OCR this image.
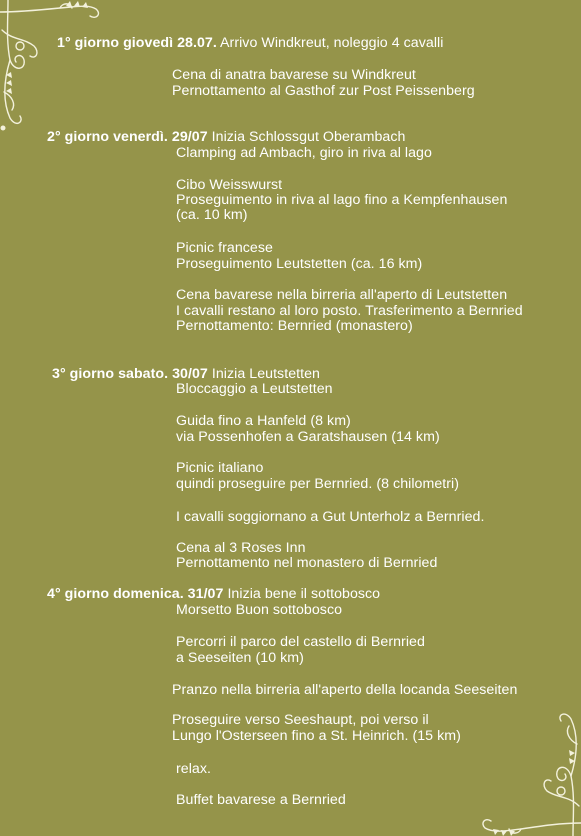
1° giorno giovedì 28.07. Arrivo Windkreut, noleggio 4 cavalli
Cena di anatra bavarese su Windkreut
Pernottamento al Gasthof zur Post Peissenberg
2° giorno venerdì. 29/07 Inizia Schlossgut Oberambach
Clamping ad Ambach, giro in riva al lago
Cibo Weisswurst
Proseguimento in riva al lago fino a Kempfenhausen
(ca. 10 km)
Picnic francese
Proseguimento Leutstetten (ca. 16 km)
Cena bavarese nella birreria all'aperto di Leutstetten
I cavalli restano al loro posto. Trasferimento a Bernried
Pernottamento: Bernried (monastero)
3° giorno sabato. 30/07 Inizia Leutstetten
Bloccaggio a Leutstetten
Guida fino a Hanfeld (8 km)
via Possenhofen a Garatshausen (14 km)
Picnic italiano
quindi proseguire per Bernried. (8 chilometri)
I cavalli soggiornano a Gut Unterholz a Bernried.
Cena al 3 Roses Inn
Pernottamento nel monastero di Bernried
4° giorno domenica. 31/07 Inizia bene il sottobosco
Morsetto Buon sottobosco
Percorri il parco del castello di Bernried
a Seeseiten (10 km)
Pranzo nella birreria all'aperto della locanda Seeseiten
Proseguire verso Seeshaupt, poi verso il
Lungo l'Osterseen fino a St. Heinrich. (15 km)
relax.
Buffet bavarese a Bernried
